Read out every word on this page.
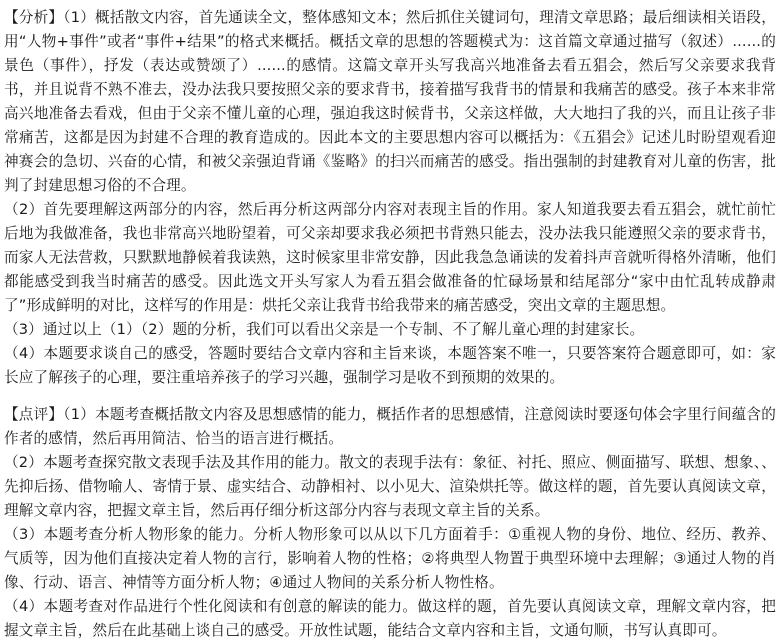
【分析】（1）概括散文内容，首先通读全文，整体感知文本；然后抓住关键词句，理清文章思路；最后细读相关语段，用“人物+事件”或者“事件+结果”的格式来概括。概括文章的思想的答题模式为：这首篇文章通过描写（叙述）......的景色（事件），抒发（表达或赞颂了）......的感情。这篇文章开头写我高兴地准备去看五猖会，然后写父亲要求我背书，并且说背不熟不准去，没办法我只要按照父亲的要求背书，接着描写我背书的情景和我痛苦的感受。孩子本来非常高兴地准备去看戏，但由于父亲不懂儿童的心理，强迫我这时候背书，父亲这样做，大大地扫了我的兴，而且让孩子非常痛苦，这都是因为封建不合理的教育造成的。因此本文的主要思想内容可以概括为：《五猖会》记述儿时盼望观看迎神赛会的急切、兴奋的心情，和被父亲强迫背诵《鉴略》的扫兴而痛苦的感受。指出强制的封建教育对儿童的伤害，批判了封建思想习俗的不合理。

（2）首先要理解这两部分的内容，然后再分析这两部分内容对表现主旨的作用。家人知道我要去看五猖会，就忙前忙后地为我做准备，我也非常高兴地盼望着，可父亲却要求我必须把书背熟只能去，没办法我只能遵照父亲的要求背书，而家人无法营救，只默默地静候着我读熟，这时候家里非常安静，因此我急急诵读的发着抖声音就听得格外清晰，他们都能感受到我当时痛苦的感受。因此选文开头写家人为看五猖会做准备的忙碌场景和结尾部分“家中由忙乱转成静肃了”形成鲜明的对比，这样写的作用是：烘托父亲让我背书给我带来的痛苦感受，突出文章的主题思想。

（3）通过以上（1）（2）题的分析，我们可以看出父亲是一个专制、不了解儿童心理的封建家长。

（4）本题要求谈自己的感受，答题时要结合文章内容和主旨来谈，本题答案不唯一，只要答案符合题意即可，如：家长应了解孩子的心理，要注重培养孩子的学习兴趣，强制学习是收不到预期的效果的。

【点评】（1）本题考查概括散文内容及思想感情的能力，概括作者的思想感情，注意阅读时要逐句体会字里行间蕴含的作者的感情，然后再用简洁、恰当的语言进行概括。

（2）本题考查探究散文表现手法及其作用的能力。散文的表现手法有：象征、衬托、照应、侧面描写、联想、想象、、先抑后扬、借物喻人、寄情于景、虚实结合、动静相衬、以小见大、渲染烘托等。做这样的题，首先要认真阅读文章，理解文章内容，把握文章主旨，然后再仔细分析这部分内容与表现文章主旨的关系。

（3）本题考查分析人物形象的能力。分析人物形象可以从以下几方面着手：①重视人物的身份、地位、经历、教养、气质等，因为他们直接决定着人物的言行，影响着人物的性格；②将典型人物置于典型环境中去理解；③通过人物的肖像、行动、语言、神情等方面分析人物；④通过人物间的关系分析人物性格。

（4）本题考查对作品进行个性化阅读和有创意的解读的能力。做这样的题，首先要认真阅读文章，理解文章内容，把握文章主旨，然后在此基础上谈自己的感受。开放性试题，能结合文章内容和主旨，文通句顺，书写认真即可。
